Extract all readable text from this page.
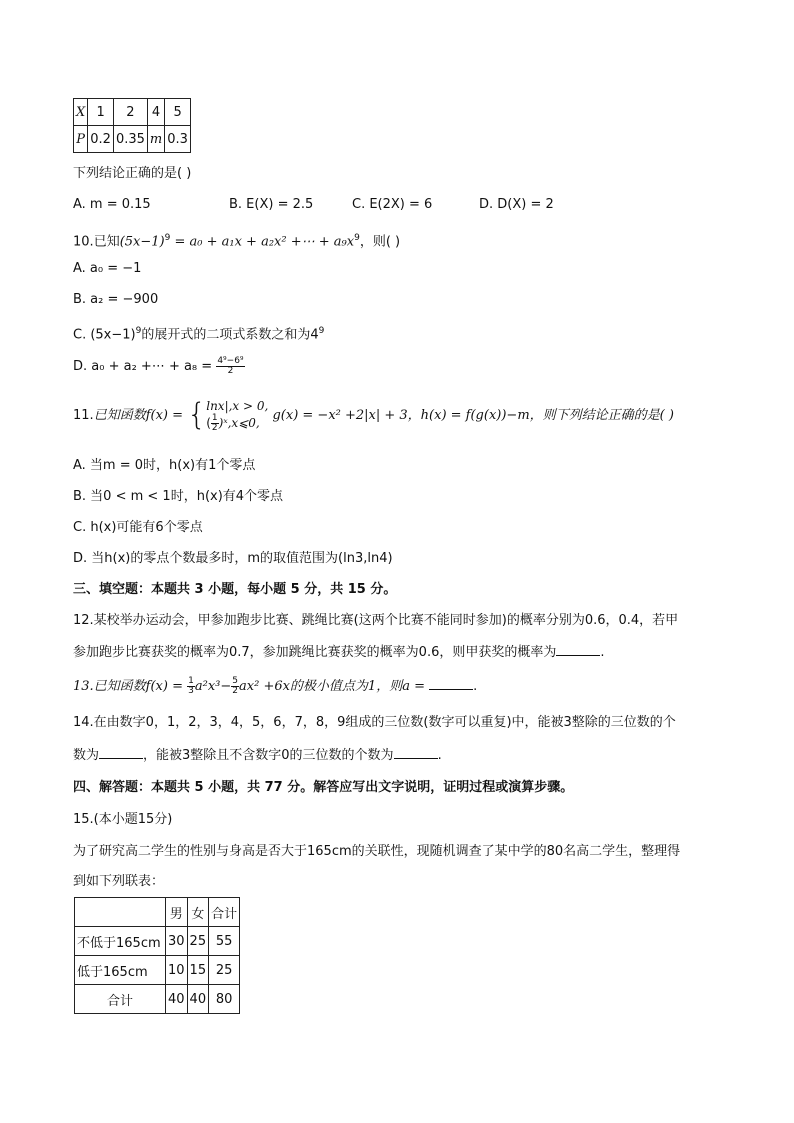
X	1	2	4	5
P	0.2	0.35	m	0.3
下列结论正确的是( )
A. m = 0.15	B. E(X) = 2.5	C. E(2X) = 6	D. D(X) = 2
10.已知$(5x-1)^9 = a_0 + a_1x + a_2x^2$ +⋯ + $a_9x^9$，则( )
A. a₀ = −1
B. a₂ = −900
C. $(5x-1)^9$的展开式的二项式系数之和为$4^9$
D. a₀ + a₂ +⋯ + $a_8 = \frac{\text{4⁹−6⁹}}{2}$
11.已知函数f(x) = { lnx|,x > 0,
( $\frac{1}{2}$ )ˣ,x⩽0, g(x) = −x² +2|x| + 3，h(x) = f(g(x))−m，则下列结论正确的是( )
A. 当m = 0时，h(x)有1个零点
B. 当0 < m < 1时，h(x)有4个零点
C. h(x)可能有6个零点
D. 当h(x)的零点个数最多时，m的取值范围为(ln3,ln4)
三、填空题：本题共 3 小题，每小题 5 分，共 15 分。
12.某校举办运动会，甲参加跑步比赛、跳绳比赛(这两个比赛不能同时参加)的概率分别为0.6，0.4，若甲
参加跑步比赛获奖的概率为0.7，参加跳绳比赛获奖的概率为0.6，则甲获奖的概率为	.
13.已知函数$f(x) = \frac{1}{3} a^2x^3- \frac{5}{2} ax^2 +6x$的极小值点为1，则a =	.
14.在由数字0，1，2，3，4，5，6，7，8，9组成的三位数(数字可以重复)中，能被3整除的三位数的个
数为	，能被3整除且不含数字0的三位数的个数为	.
四、解答题：本题共 5 小题，共 77 分。解答应写出文字说明，证明过程或演算步骤。
15.(本小题15分)
为了研究高二学生的性别与身高是否大于165cm的关联性，现随机调查了某中学的80名高二学生，整理得
到如下列联表：
	男	女	合计
不低于165cm	30	25	55
低于165cm	10	15	25
合计	40	40	80
